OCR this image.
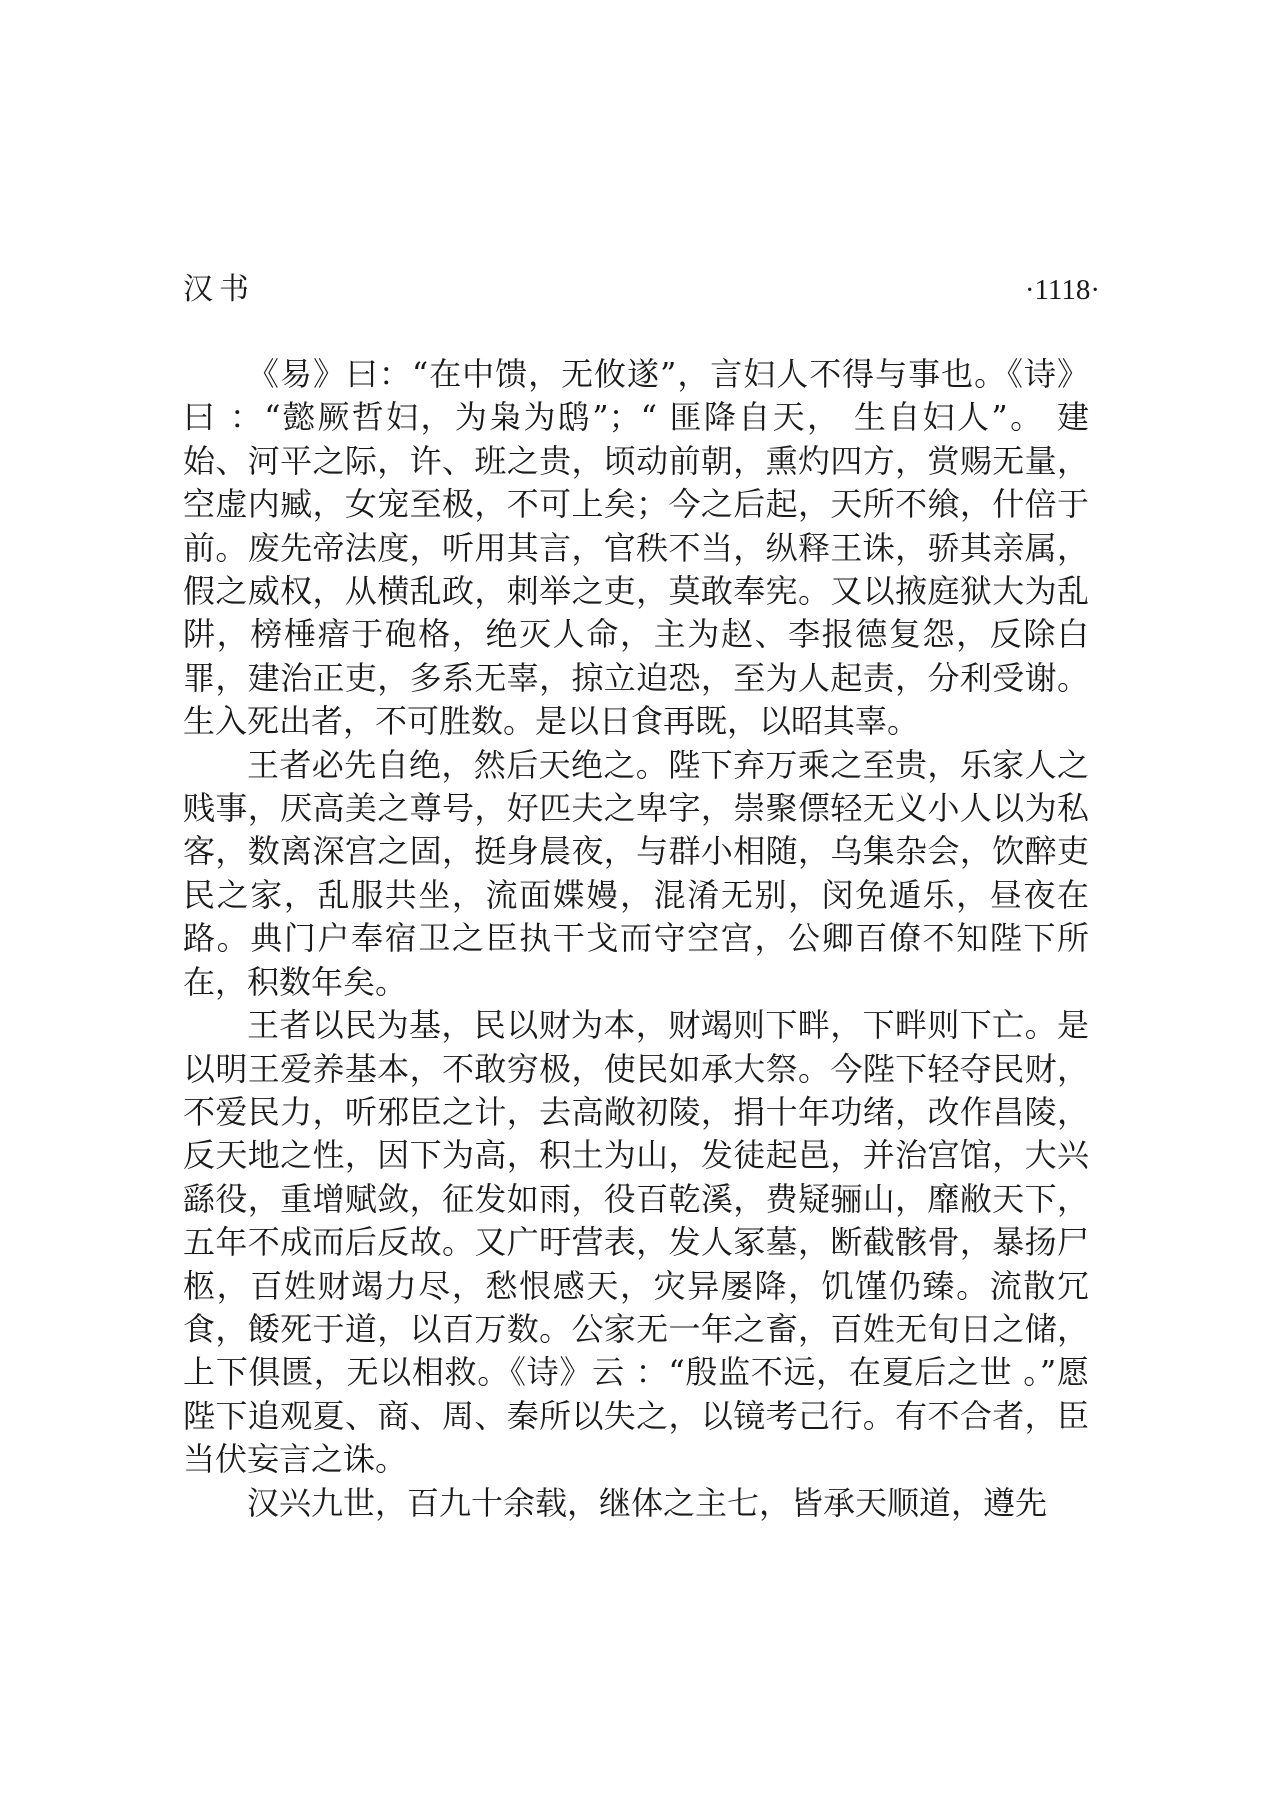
汉书	·1118·

《易》曰：“在中馈，无攸遂”，言妇人不得与事也。《诗》曰 ：“懿厥哲妇，为枭为鸱”；“ 匪降自天， 生自妇人”。 建始、河平之际，许、班之贵，顷动前朝，熏灼四方，赏赐无量，空虚内臧，女宠至极，不可上矣；今之后起，天所不飨，什倍于前。废先帝法度，听用其言，官秩不当，纵释王诛，骄其亲属，假之威权，从横乱政，刺举之吏，莫敢奉宪。又以掖庭狱大为乱阱，榜棰瘖于砲格，绝灭人命，主为赵、李报德复怨，反除白罪，建治正吏，多系无辜，掠立迫恐，至为人起责，分利受谢。生入死出者，不可胜数。是以日食再既，以昭其辜。

王者必先自绝，然后天绝之。陛下弃万乘之至贵，乐家人之贱事，厌高美之尊号，好匹夫之卑字，崇聚僄轻无义小人以为私客，数离深宫之固，挺身晨夜，与群小相随，乌集杂会，饮醉吏民之家，乱服共坐，流面媟嫚，混淆无别，闵免遁乐，昼夜在路。典门户奉宿卫之臣执干戈而守空宫，公卿百僚不知陛下所在，积数年矣。

王者以民为基，民以财为本，财竭则下畔，下畔则下亡。是以明王爱养基本，不敢穷极，使民如承大祭。今陛下轻夺民财，不爱民力，听邪臣之计，去高敞初陵，捐十年功绪，改作昌陵，反天地之性，因下为高，积土为山，发徒起邑，并治宫馆，大兴繇役，重增赋敛，征发如雨，役百乾溪，费疑骊山，靡敝天下，五年不成而后反故。又广旴营表，发人冢墓，断截骸骨，暴扬尸柩，百姓财竭力尽，愁恨感天，灾异屡降，饥馑仍臻。流散冗食，餧死于道，以百万数。公家无一年之畜，百姓无旬日之储，上下俱匮，无以相救。《诗》云 ：“殷监不远，在夏后之世 。”愿陛下追观夏、商、周、秦所以失之，以镜考己行。有不合者，臣当伏妄言之诛。

汉兴九世，百九十余载，继体之主七，皆承天顺道，遵先
